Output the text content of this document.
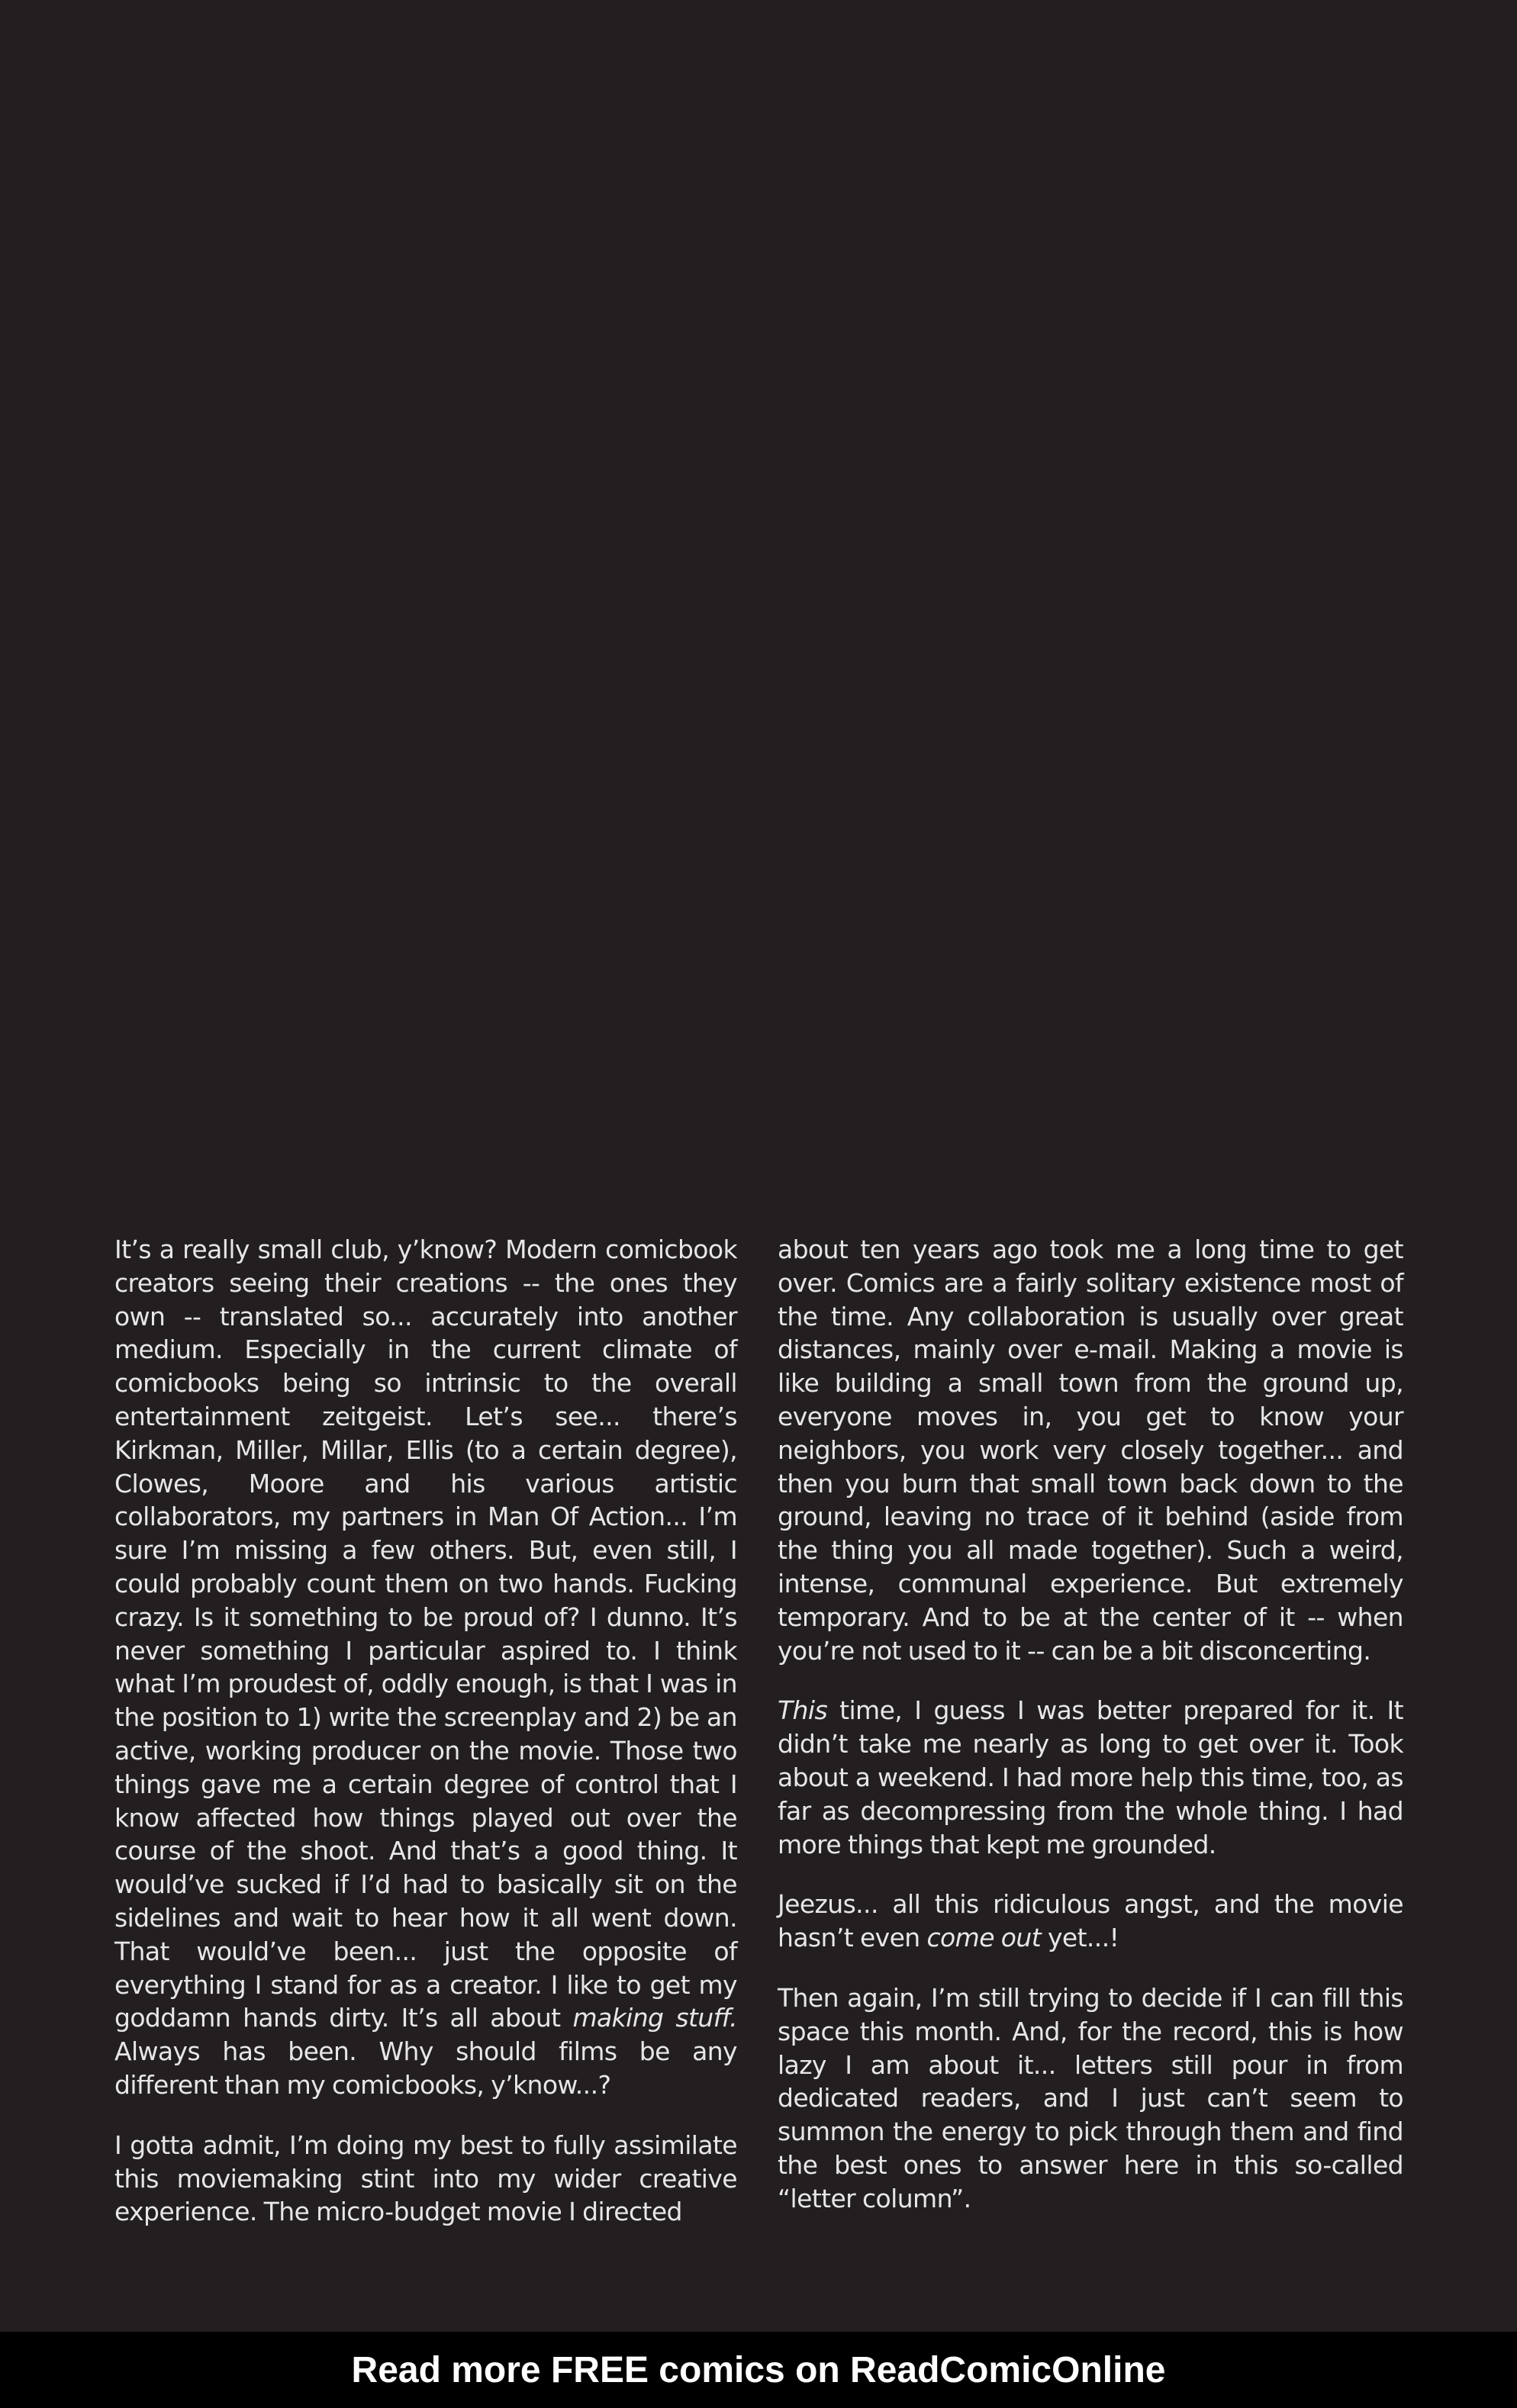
It’s a really small club, y’know? Modern comicbook creators seeing their creations -- the ones they own -- translated so... accurately into another medium. Especially in the current climate of comicbooks being so intrinsic to the overall entertainment zeitgeist. Let’s see... there’s Kirkman, Miller, Millar, Ellis (to a certain degree), Clowes, Moore and his various artistic collaborators, my partners in Man Of Action... I’m sure I’m missing a few others. But, even still, I could probably count them on two hands. Fucking crazy. Is it something to be proud of? I dunno. It’s never something I particular aspired to. I think what I’m proudest of, oddly enough, is that I was in the position to 1) write the screenplay and 2) be an active, working producer on the movie. Those two things gave me a certain degree of control that I know affected how things played out over the course of the shoot. And that’s a good thing. It would’ve sucked if I’d had to basically sit on the sidelines and wait to hear how it all went down. That would’ve been... just the opposite of everything I stand for as a creator. I like to get my goddamn hands dirty. It’s all about making stuff. Always has been. Why should films be any different than my comicbooks, y’know...?

I gotta admit, I’m doing my best to fully assimilate this moviemaking stint into my wider creative experience. The micro-budget movie I directed

about ten years ago took me a long time to get over. Comics are a fairly solitary existence most of the time. Any collaboration is usually over great distances, mainly over e-mail. Making a movie is like building a small town from the ground up, everyone moves in, you get to know your neighbors, you work very closely together... and then you burn that small town back down to the ground, leaving no trace of it behind (aside from the thing you all made together). Such a weird, intense, communal experience. But extremely temporary. And to be at the center of it -- when you’re not used to it -- can be a bit disconcerting.

This time, I guess I was better prepared for it. It didn’t take me nearly as long to get over it. Took about a weekend. I had more help this time, too, as far as decompressing from the whole thing. I had more things that kept me grounded.

Jeezus... all this ridiculous angst, and the movie hasn’t even come out yet...!

Then again, I’m still trying to decide if I can fill this space this month. And, for the record, this is how lazy I am about it... letters still pour in from dedicated readers, and I just can’t seem to summon the energy to pick through them and find the best ones to answer here in this so-called “letter column”.

Read more FREE comics on ReadComicOnline
